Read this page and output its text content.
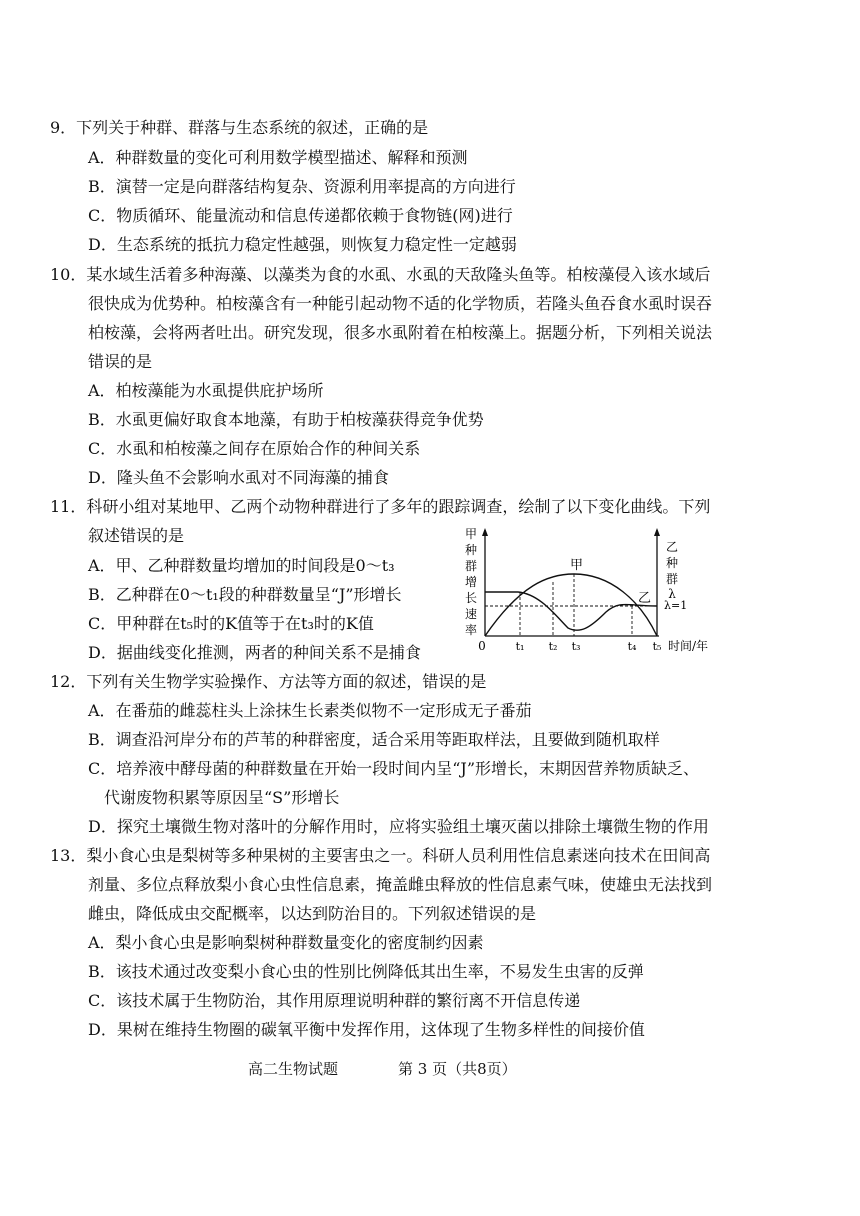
9．下列关于种群、群落与生态系统的叙述，正确的是
A．种群数量的变化可利用数学模型描述、解释和预测
B．演替一定是向群落结构复杂、资源利用率提高的方向进行
C．物质循环、能量流动和信息传递都依赖于食物链(网)进行
D．生态系统的抵抗力稳定性越强，则恢复力稳定性一定越弱
10．某水域生活着多种海藻、以藻类为食的水虱、水虱的天敌隆头鱼等。柏桉藻侵入该水域后
很快成为优势种。柏桉藻含有一种能引起动物不适的化学物质，若隆头鱼吞食水虱时误吞
柏桉藻，会将两者吐出。研究发现，很多水虱附着在柏桉藻上。据题分析，下列相关说法
错误的是
A．柏桉藻能为水虱提供庇护场所
B．水虱更偏好取食本地藻，有助于柏桉藻获得竞争优势
C．水虱和柏桉藻之间存在原始合作的种间关系
D．隆头鱼不会影响水虱对不同海藻的捕食
11．科研小组对某地甲、乙两个动物种群进行了多年的跟踪调查，绘制了以下变化曲线。下列
叙述错误的是
A．甲、乙种群数量均增加的时间段是0～t₃
B．乙种群在0～t₁段的种群数量呈“J”形增长
C．甲种群在t₅时的K值等于在t₃时的K值
D．据曲线变化推测，两者的种间关系不是捕食
甲
种
群
增
长
速
率
乙
种
群
λ
λ=1
甲
乙
0	t₁ t₂ t₃	t₄ t₅ 时间/年
12．下列有关生物学实验操作、方法等方面的叙述，错误的是
A．在番茄的雌蕊柱头上涂抹生长素类似物不一定形成无子番茄
B．调查沿河岸分布的芦苇的种群密度，适合采用等距取样法，且要做到随机取样
C．培养液中酵母菌的种群数量在开始一段时间内呈“J”形增长，末期因营养物质缺乏、
代谢废物积累等原因呈“S”形增长
D．探究土壤微生物对落叶的分解作用时，应将实验组土壤灭菌以排除土壤微生物的作用
13．梨小食心虫是梨树等多种果树的主要害虫之一。科研人员利用性信息素迷向技术在田间高
剂量、多位点释放梨小食心虫性信息素，掩盖雌虫释放的性信息素气味，使雄虫无法找到
雌虫，降低成虫交配概率，以达到防治目的。下列叙述错误的是
A．梨小食心虫是影响梨树种群数量变化的密度制约因素
B．该技术通过改变梨小食心虫的性别比例降低其出生率，不易发生虫害的反弹
C．该技术属于生物防治，其作用原理说明种群的繁衍离不开信息传递
D．果树在维持生物圈的碳氧平衡中发挥作用，这体现了生物多样性的间接价值
高二生物试题	第 3 页（共8页）
